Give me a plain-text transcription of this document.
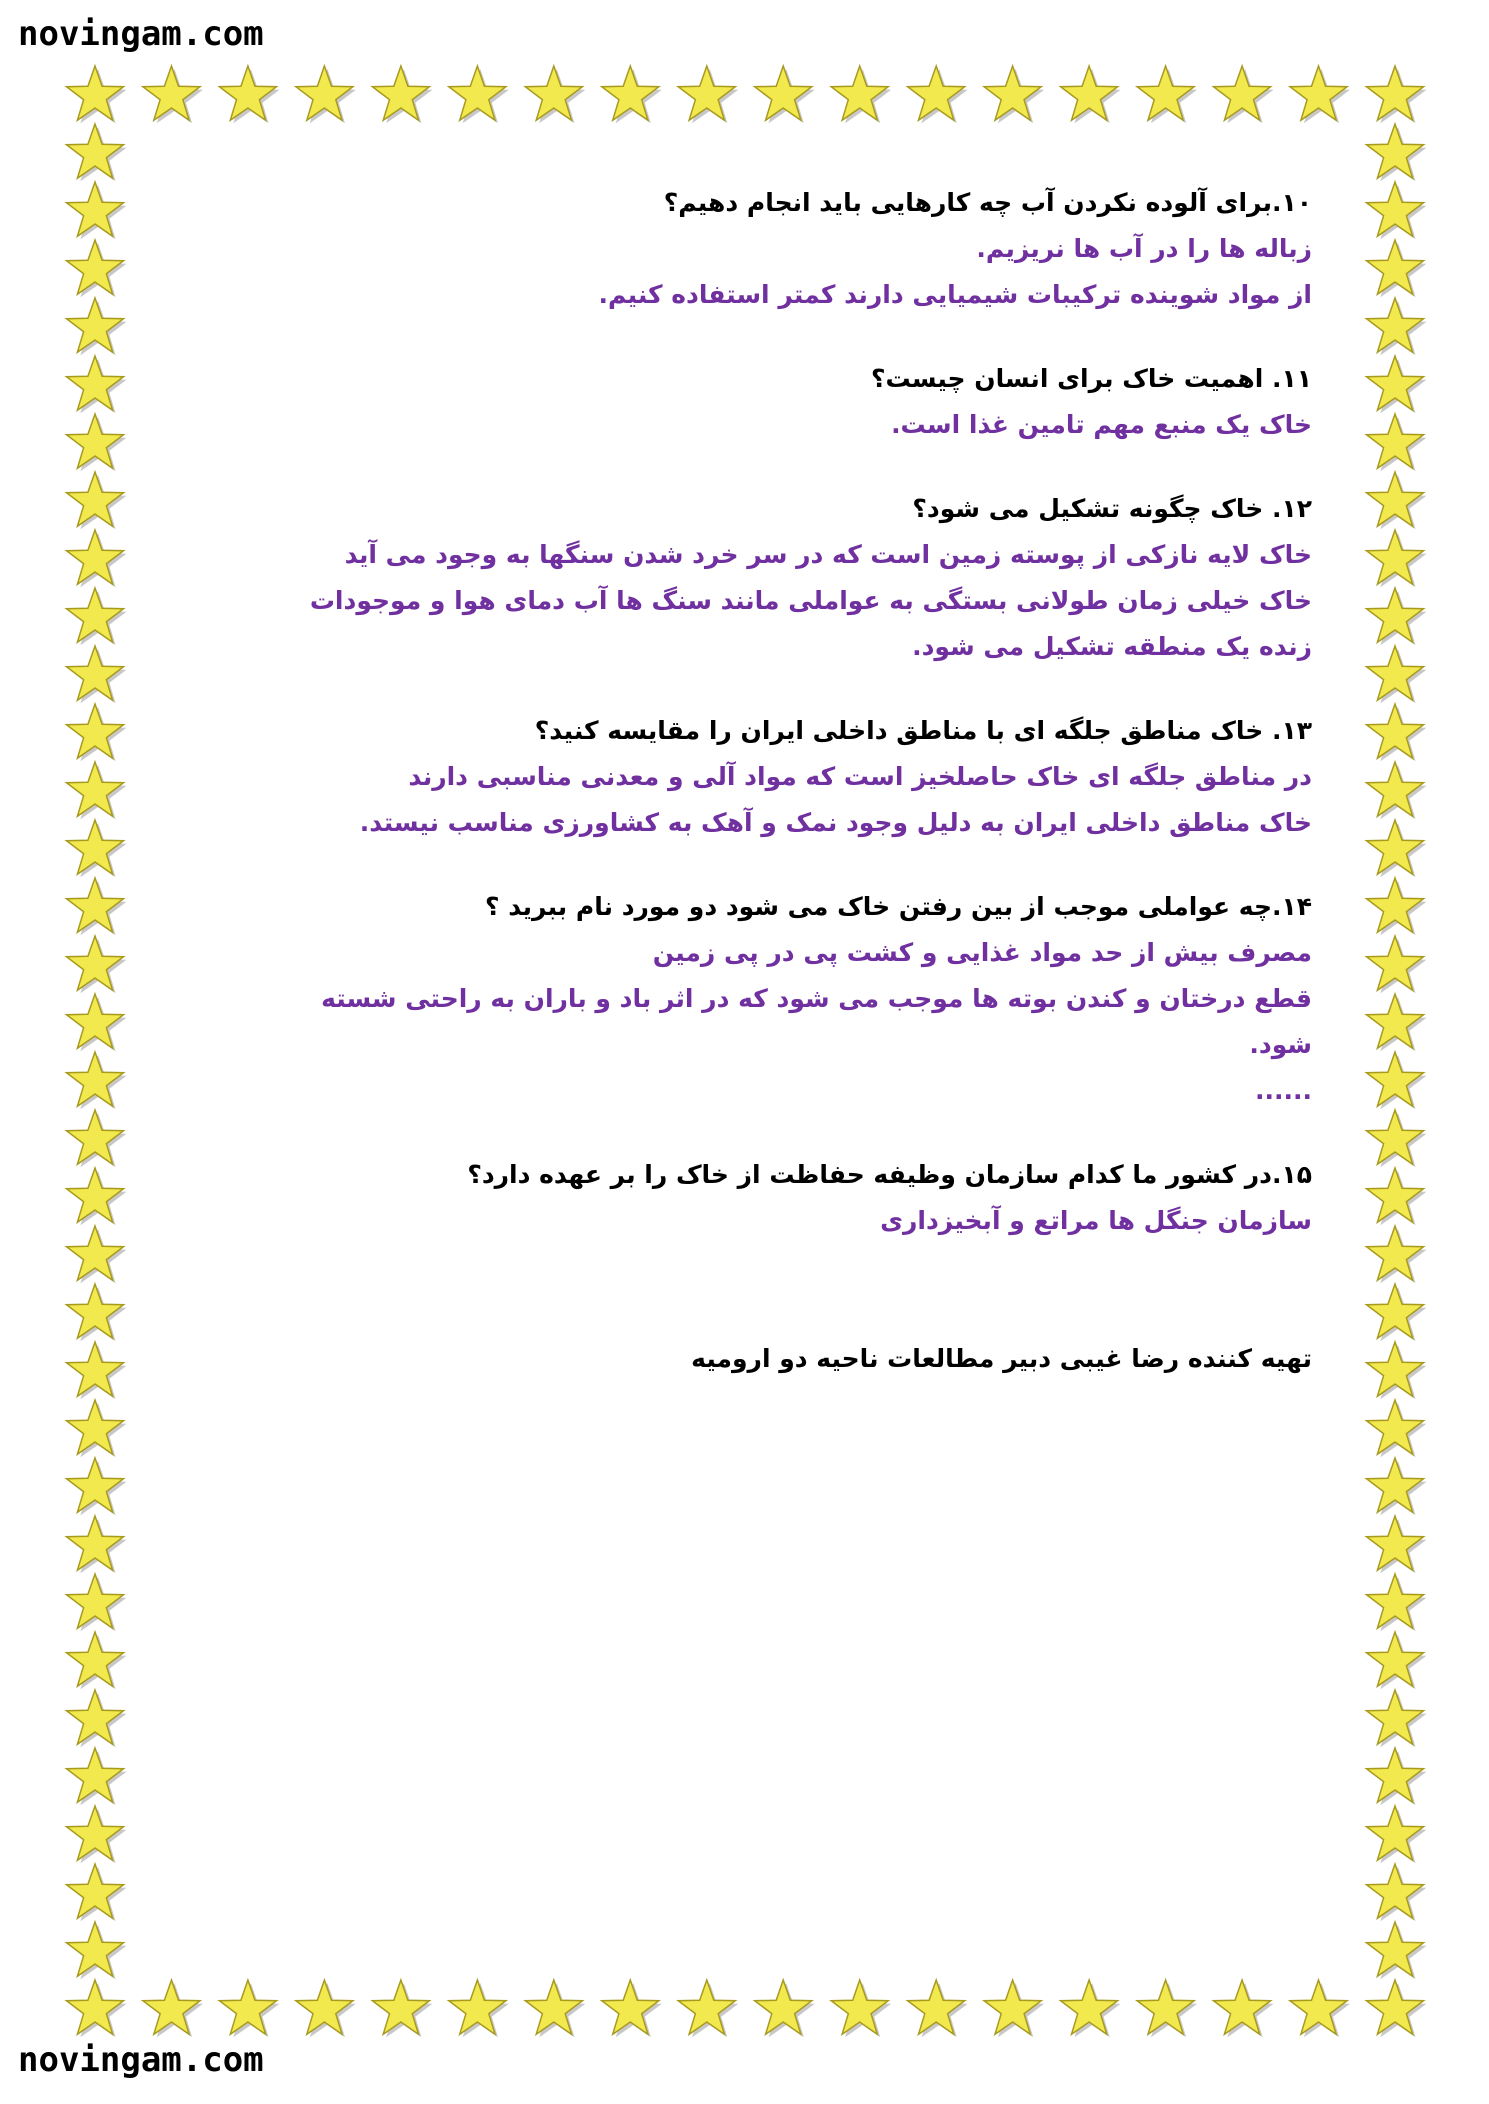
novingam.com
۱۰.برای آلوده نکردن آب چه کارهایی باید انجام دهیم؟
زباله ها را در آب ها نریزیم.
از مواد شوینده ترکیبات شیمیایی دارند کمتر استفاده کنیم.
۱۱. اهمیت خاک برای انسان چیست؟
خاک یک منبع مهم تامین غذا است.
۱۲. خاک چگونه تشکیل می شود؟
خاک لایه نازکی از پوسته زمین است که در سر خرد شدن سنگها به وجود می آید خاک خیلی زمان طولانی بستگی به عواملی مانند سنگ ها آب دمای هوا و موجودات زنده یک منطقه تشکیل می شود.
۱۳. خاک مناطق جلگه ای با مناطق داخلی ایران را مقایسه کنید؟
در مناطق جلگه ای خاک حاصلخیز است که مواد آلی و معدنی مناسبی دارند
خاک مناطق داخلی ایران به دلیل وجود نمک و آهک به کشاورزی مناسب نیستد.
۱۴.چه عواملی موجب از بین رفتن خاک می شود دو مورد نام ببرید ؟
مصرف بیش از حد مواد غذایی و کشت پی در پی زمین
قطع درختان و کندن بوته ها موجب می شود که در اثر باد و باران به راحتی شسته شود.
......
۱۵.در کشور ما کدام سازمان وظیفه حفاظت از خاک را بر عهده دارد؟
سازمان جنگل ها مراتع و آبخیزداری
تهیه کننده رضا غیبی دبیر مطالعات ناحیه دو ارومیه
novingam.com
